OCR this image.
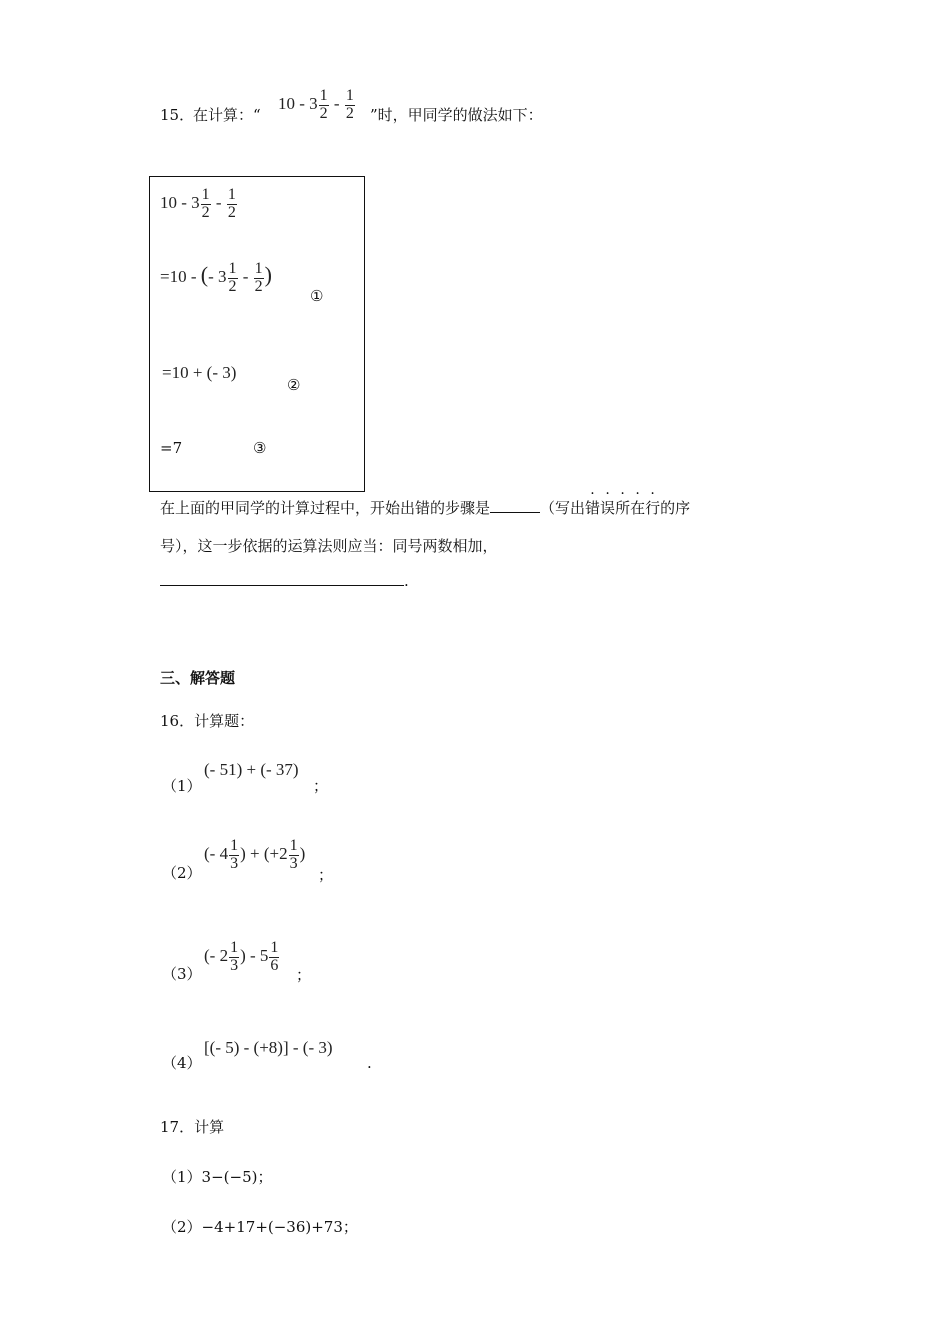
15．
在计算：“
$10 - 3 \frac{1}{2} - \frac{1}{2}$ ”时，甲同学的做法如下：
$10 - 3 \frac{1}{2} - \frac{1}{2}$
=10 - (- $3 \frac{1}{2} - \frac{1}{2}$ )
①
=10 + (- 3)
②
=7	③
在上面的甲同学的计算过程中，开始出错的步骤是	（写出错误所在行的序
号），这一步依据的运算法则应当：同号两数相加，
.
三、解答题
16．计算题：
（1）
(- 51) + (- 37)
；
（2）
(- $4 \frac{1}{3}$ ) + ($+2 \frac{1}{3}$ )
；
（3）
(- $2 \frac{1}{3}$ ) - $5 \frac{1}{6}$
；
（4）
[(- 5) - (+8)] - (- 3)
.
17．计算
（1）3−(−5)；
（2）−4+17+(−36)+73；
